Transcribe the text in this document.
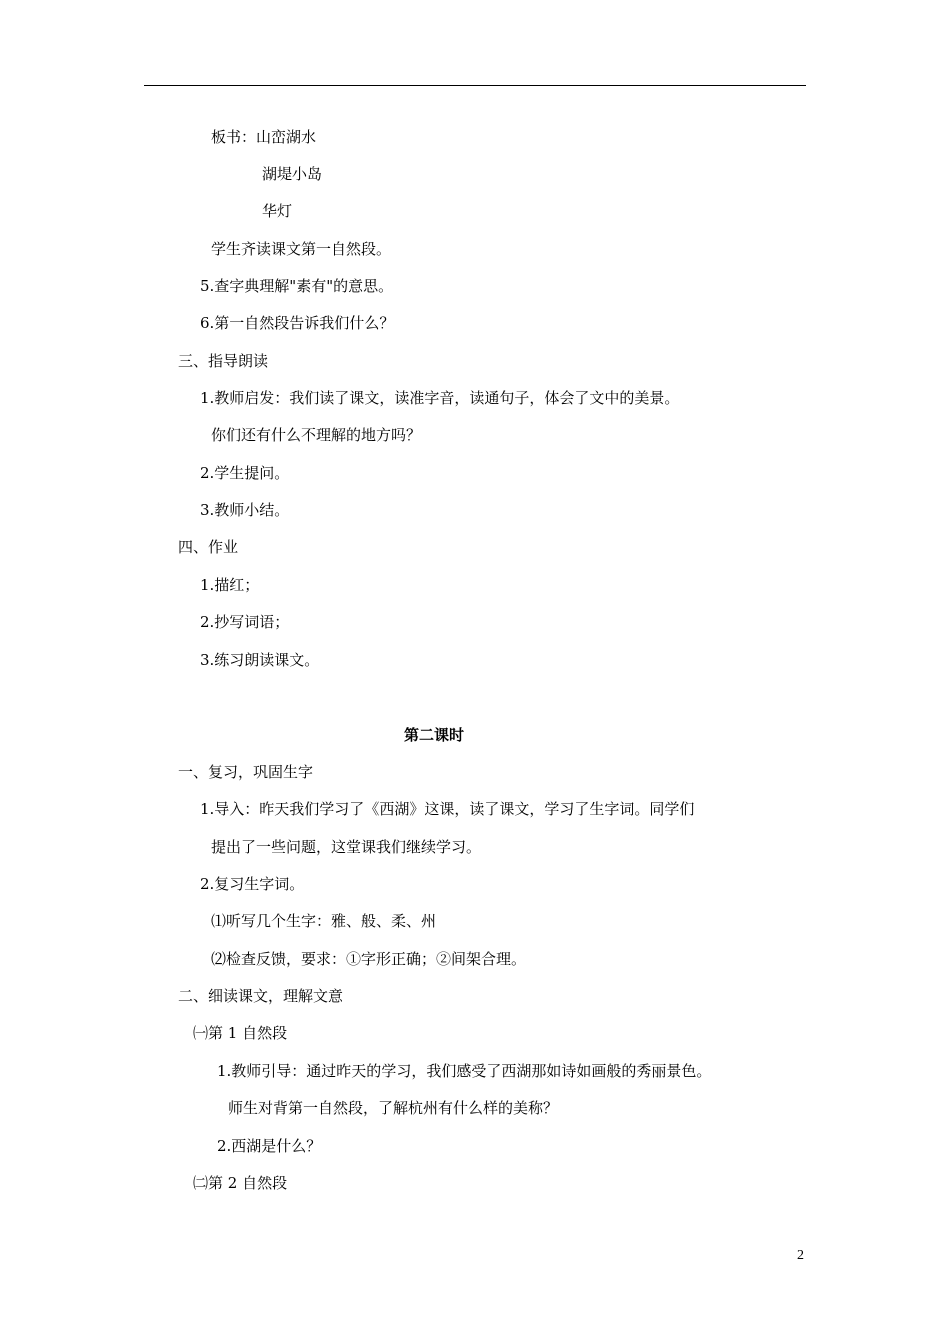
板书：山峦湖水
湖堤小岛
华灯
学生齐读课文第一自然段。
5.查字典理解"素有"的意思。
6.第一自然段告诉我们什么？
三、指导朗读
1.教师启发：我们读了课文，读准字音，读通句子，体会了文中的美景。
你们还有什么不理解的地方吗？
2.学生提问。
3.教师小结。
四、作业
1.描红；
2.抄写词语；
3.练习朗读课文。
第二课时
一、复习，巩固生字
1.导入：昨天我们学习了《西湖》这课，读了课文，学习了生字词。同学们
提出了一些问题，这堂课我们继续学习。
2.复习生字词。
⑴听写几个生字：雅、般、柔、州
⑵检查反馈，要求：①字形正确；②间架合理。
二、细读课文，理解文意
㈠第 1 自然段
1.教师引导：通过昨天的学习，我们感受了西湖那如诗如画般的秀丽景色。
师生对背第一自然段，了解杭州有什么样的美称？
2.西湖是什么？
㈡第 2 自然段
2
